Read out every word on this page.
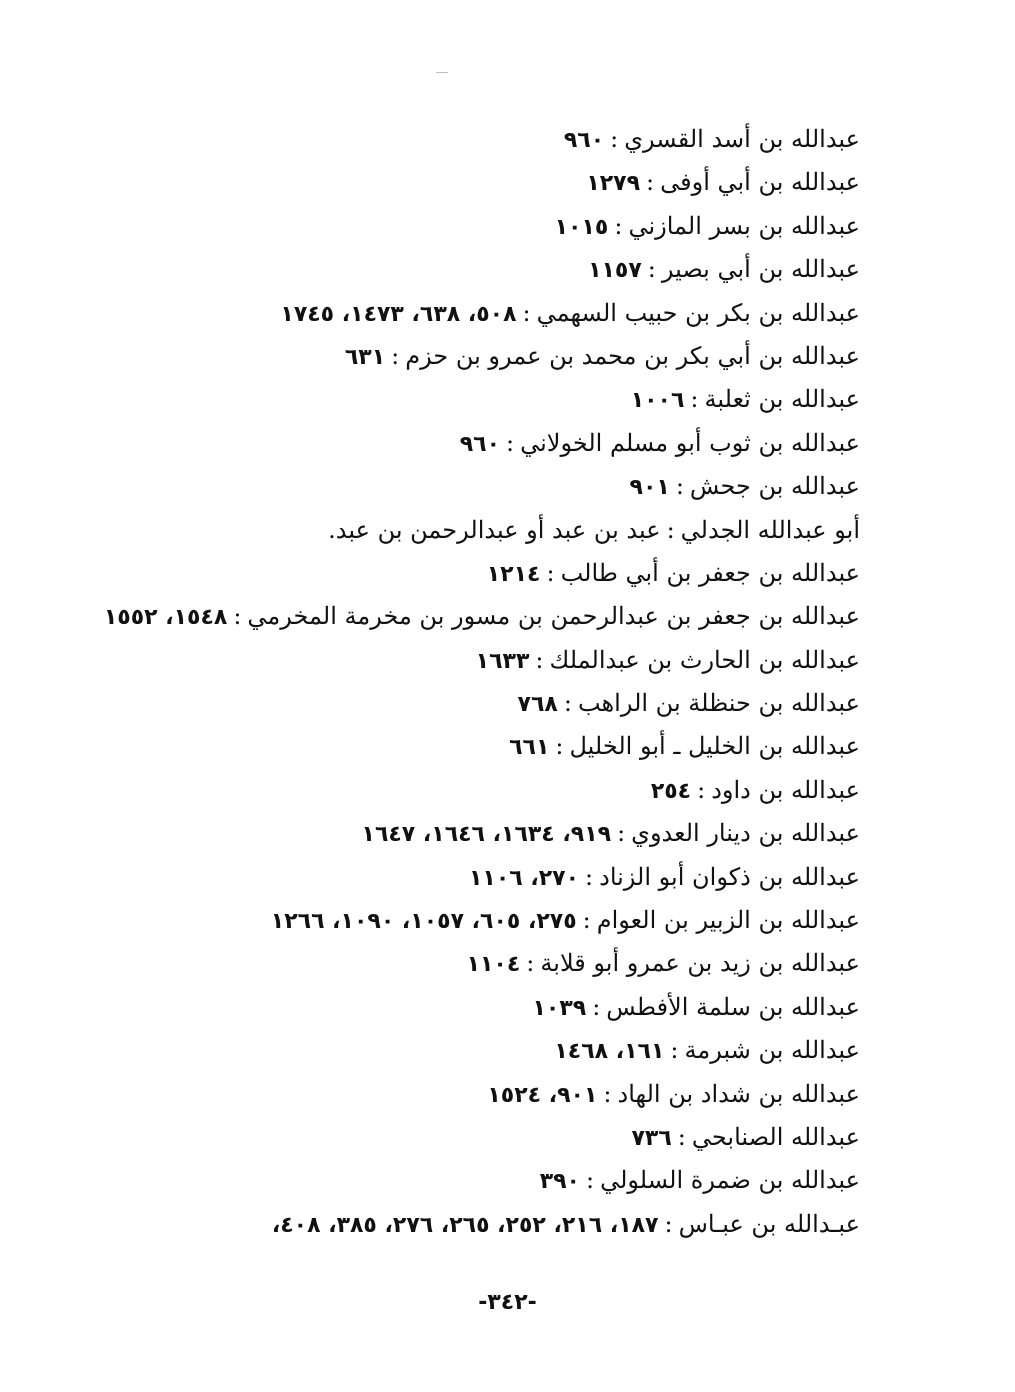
عبدالله بن أسد القسري:٩٦٠
عبدالله بن أبي أوفى:١٢٧٩
عبدالله بن بسر المازني:١٠١٥
عبدالله بن أبي بصير:١١٥٧
عبدالله بن بكر بن حبيب السهمي:٥٠٨، ٦٣٨، ١٤٧٣، ١٧٤٥
عبدالله بن أبي بكر بن محمد بن عمرو بن حزم:٦٣١
عبدالله بن ثعلبة:١٠٠٦
عبدالله بن ثوب أبو مسلم الخولاني:٩٦٠
عبدالله بن جحش:٩٠١
أبو عبدالله الجدلي:عبد بن عبد أو عبدالرحمن بن عبد.
عبدالله بن جعفر بن أبي طالب:١٢١٤
عبدالله بن جعفر بن عبدالرحمن بن مسور بن مخرمة المخرمي:١٥٤٨، ١٥٥٢
عبدالله بن الحارث بن عبدالملك:١٦٣٣
عبدالله بن حنظلة بن الراهب:٧٦٨
عبدالله بن الخليل ـ أبو الخليل:٦٦١
عبدالله بن داود:٢٥٤
عبدالله بن دينار العدوي:٩١٩، ١٦٣٤، ١٦٤٦، ١٦٤٧
عبدالله بن ذكوان أبو الزناد:٢٧٠، ١١٠٦
عبدالله بن الزبير بن العوام:٢٧٥، ٦٠٥، ١٠٥٧، ١٠٩٠، ١٢٦٦
عبدالله بن زيد بن عمرو أبو قلابة:١١٠٤
عبدالله بن سلمة الأفطس:١٠٣٩
عبدالله بن شبرمة:١٦١، ١٤٦٨
عبدالله بن شداد بن الهاد:٩٠١، ١٥٢٤
عبدالله الصنابحي:٧٣٦
عبدالله بن ضمرة السلولي:٣٩٠
عبـدالله بن عبـاس:١٨٧، ٢١٦، ٢٥٢، ٢٦٥، ٢٧٦، ٣٨٥، ٤٠٨،
-٣٤٢-
